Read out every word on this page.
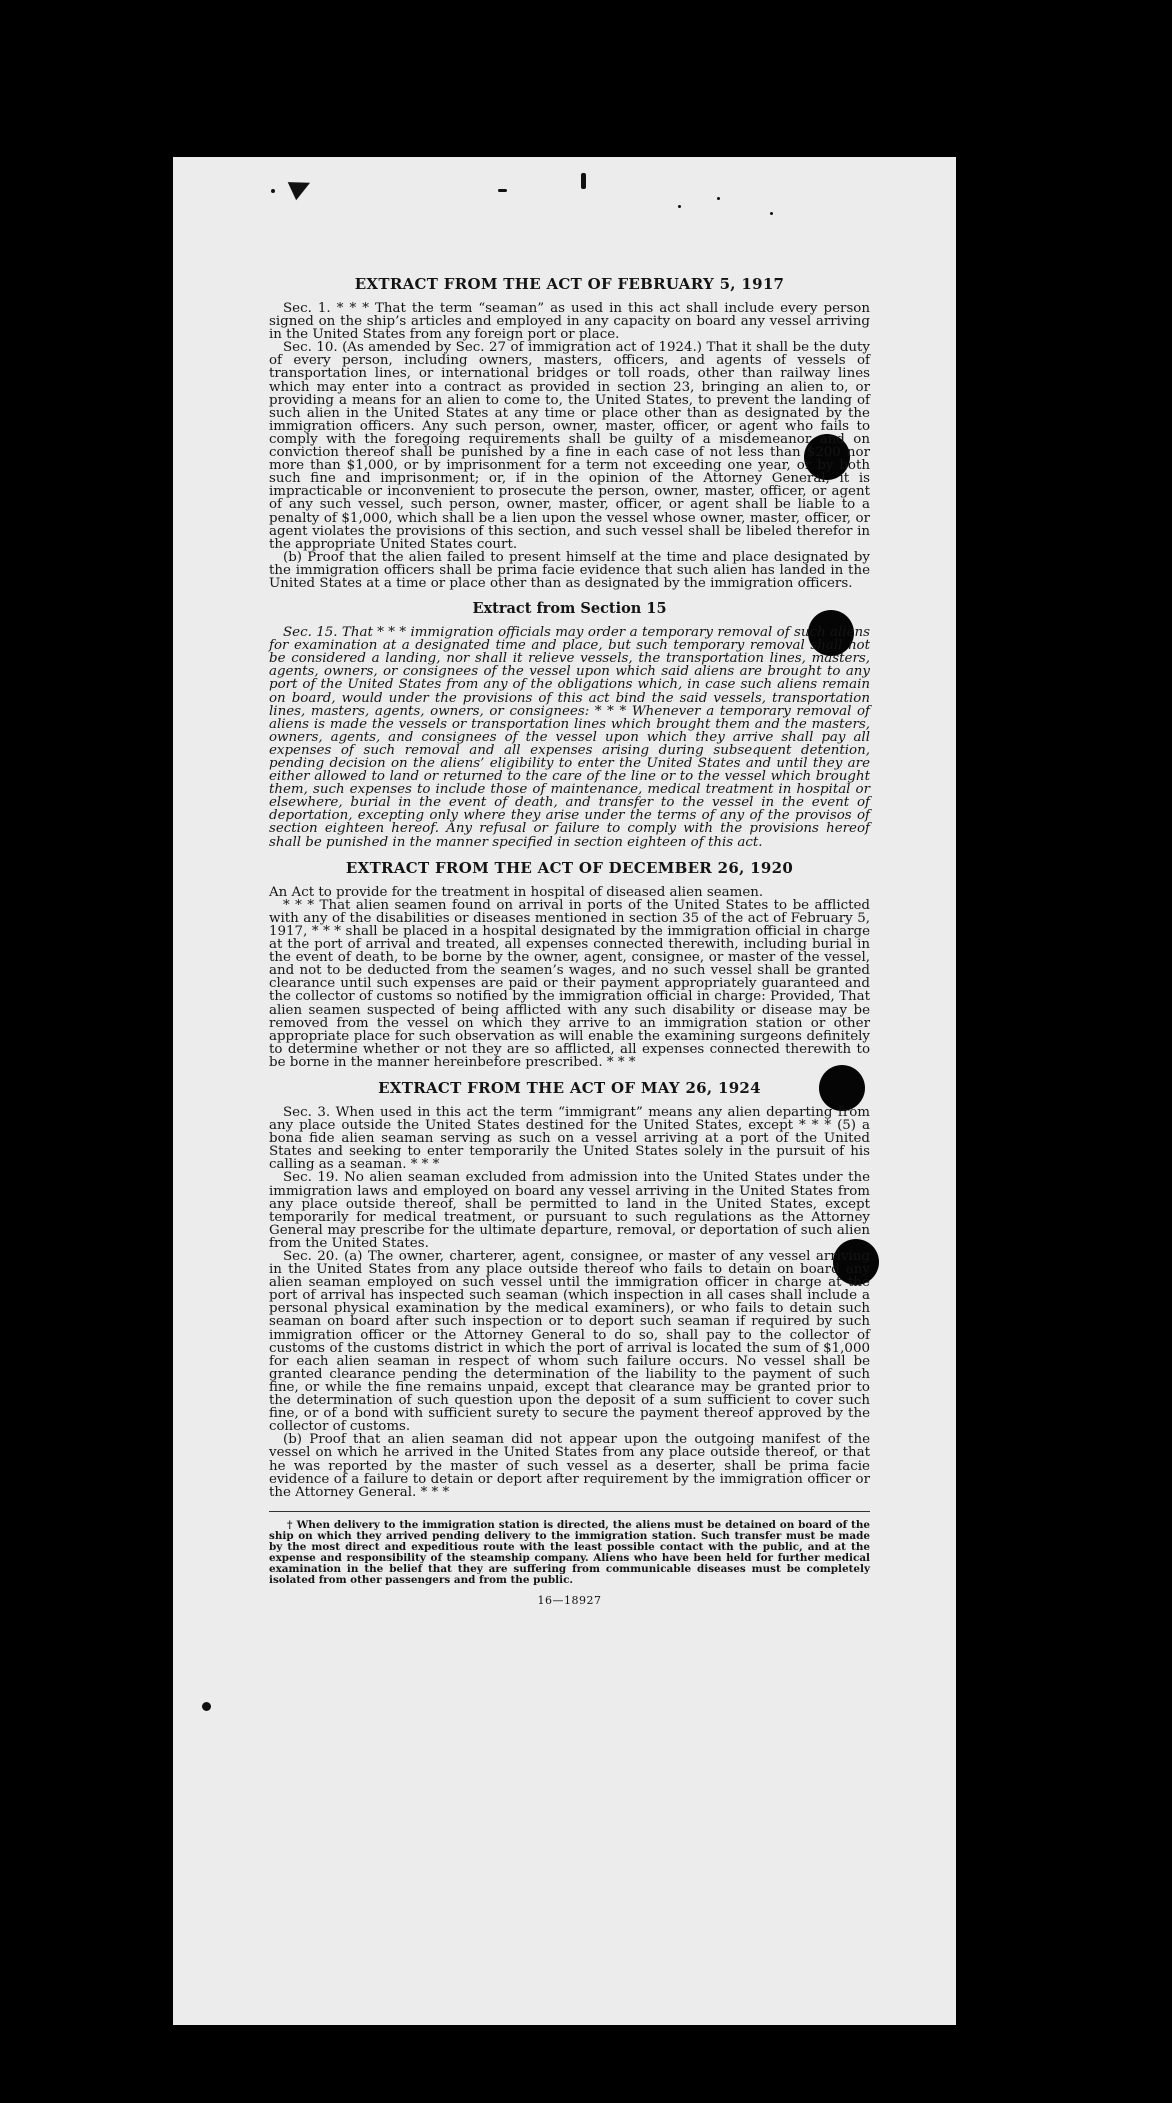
EXTRACT FROM THE ACT OF FEBRUARY 5, 1917

Sec. 1. * * * That the term “seaman” as used in this act shall include every person signed on the ship’s articles and employed in any capacity on board any vessel arriving in the United States from any foreign port or place.

Sec. 10. (As amended by Sec. 27 of immigration act of 1924.) That it shall be the duty of every person, including owners, masters, officers, and agents of vessels of transportation lines, or international bridges or toll roads, other than railway lines which may enter into a contract as provided in section 23, bringing an alien to, or providing a means for an alien to come to, the United States, to prevent the landing of such alien in the United States at any time or place other than as designated by the immigration officers. Any such person, owner, master, officer, or agent who fails to comply with the foregoing requirements shall be guilty of a misdemeanor and on conviction thereof shall be punished by a fine in each case of not less than $200 nor more than $1,000, or by imprisonment for a term not exceeding one year, or by both such fine and imprisonment; or, if in the opinion of the Attorney General, it is impracticable or inconvenient to prosecute the person, owner, master, officer, or agent of any such vessel, such person, owner, master, officer, or agent shall be liable to a penalty of $1,000, which shall be a lien upon the vessel whose owner, master, officer, or agent violates the provisions of this section, and such vessel shall be libeled therefor in the appropriate United States court.

(b) Proof that the alien failed to present himself at the time and place designated by the immigration officers shall be prima facie evidence that such alien has landed in the United States at a time or place other than as designated by the immigration officers.

Extract from Section 15

Sec. 15. That * * * immigration officials may order a temporary removal of such aliens for examination at a designated time and place, but such temporary removal shall not be considered a landing, nor shall it relieve vessels, the transportation lines, masters, agents, owners, or consignees of the vessel upon which said aliens are brought to any port of the United States from any of the obligations which, in case such aliens remain on board, would under the provisions of this act bind the said vessels, transportation lines, masters, agents, owners, or consignees: * * * Whenever a temporary removal of aliens is made the vessels or transportation lines which brought them and the masters, owners, agents, and consignees of the vessel upon which they arrive shall pay all expenses of such removal and all expenses arising during subsequent detention, pending decision on the aliens’ eligibility to enter the United States and until they are either allowed to land or returned to the care of the line or to the vessel which brought them, such expenses to include those of maintenance, medical treatment in hospital or elsewhere, burial in the event of death, and transfer to the vessel in the event of deportation, excepting only where they arise under the terms of any of the provisos of section eighteen hereof. Any refusal or failure to comply with the provisions hereof shall be punished in the manner specified in section eighteen of this act.

EXTRACT FROM THE ACT OF DECEMBER 26, 1920

An Act to provide for the treatment in hospital of diseased alien seamen.

* * * That alien seamen found on arrival in ports of the United States to be afflicted with any of the disabilities or diseases mentioned in section 35 of the act of February 5, 1917, * * * shall be placed in a hospital designated by the immigration official in charge at the port of arrival and treated, all expenses connected therewith, including burial in the event of death, to be borne by the owner, agent, consignee, or master of the vessel, and not to be deducted from the seamen’s wages, and no such vessel shall be granted clearance until such expenses are paid or their payment appropriately guaranteed and the collector of customs so notified by the immigration official in charge: Provided, That alien seamen suspected of being afflicted with any such disability or disease may be removed from the vessel on which they arrive to an immigration station or other appropriate place for such observation as will enable the examining surgeons definitely to determine whether or not they are so afflicted, all expenses connected therewith to be borne in the manner hereinbefore prescribed. * * *

EXTRACT FROM THE ACT OF MAY 26, 1924

Sec. 3. When used in this act the term “immigrant” means any alien departing from any place outside the United States destined for the United States, except * * * (5) a bona fide alien seaman serving as such on a vessel arriving at a port of the United States and seeking to enter temporarily the United States solely in the pursuit of his calling as a seaman. * * *

Sec. 19. No alien seaman excluded from admission into the United States under the immigration laws and employed on board any vessel arriving in the United States from any place outside thereof, shall be permitted to land in the United States, except temporarily for medical treatment, or pursuant to such regulations as the Attorney General may prescribe for the ultimate departure, removal, or deportation of such alien from the United States.

Sec. 20. (a) The owner, charterer, agent, consignee, or master of any vessel arriving in the United States from any place outside thereof who fails to detain on board any alien seaman employed on such vessel until the immigration officer in charge at the port of arrival has inspected such seaman (which inspection in all cases shall include a personal physical examination by the medical examiners), or who fails to detain such seaman on board after such inspection or to deport such seaman if required by such immigration officer or the Attorney General to do so, shall pay to the collector of customs of the customs district in which the port of arrival is located the sum of $1,000 for each alien seaman in respect of whom such failure occurs. No vessel shall be granted clearance pending the determination of the liability to the payment of such fine, or while the fine remains unpaid, except that clearance may be granted prior to the determination of such question upon the deposit of a sum sufficient to cover such fine, or of a bond with sufficient surety to secure the payment thereof approved by the collector of customs.

(b) Proof that an alien seaman did not appear upon the outgoing manifest of the vessel on which he arrived in the United States from any place outside thereof, or that he was reported by the master of such vessel as a deserter, shall be prima facie evidence of a failure to detain or deport after requirement by the immigration officer or the Attorney General. * * *

† When delivery to the immigration station is directed, the aliens must be detained on board of the ship on which they arrived pending delivery to the immigration station. Such transfer must be made by the most direct and expeditious route with the least possible contact with the public, and at the expense and responsibility of the steamship company. Aliens who have been held for further medical examination in the belief that they are suffering from communicable diseases must be completely isolated from other passengers and from the public.

16—18927
